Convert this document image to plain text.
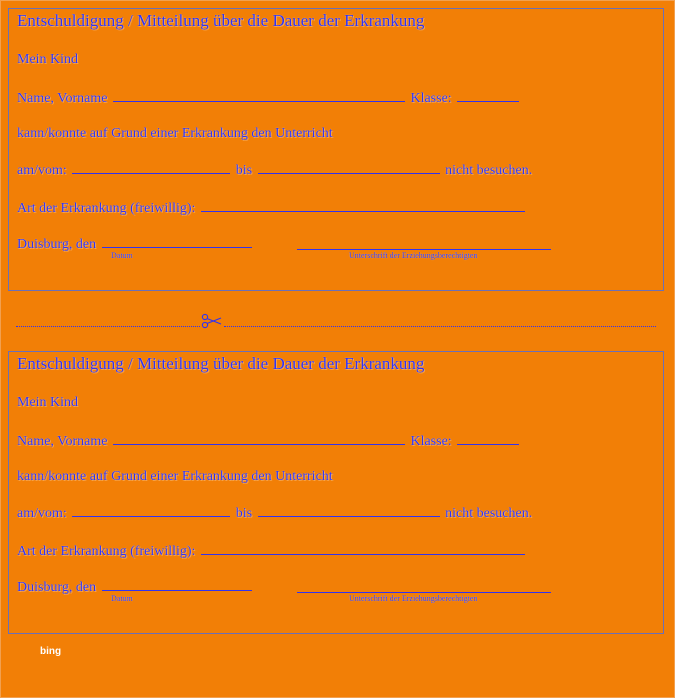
Entschuldigung / Mitteilung über die Dauer der Erkrankung
Mein Kind
Name, Vorname	Klasse:
kann/konnte auf Grund einer Erkrankung den Unterricht
am/vom:	bis	nicht besuchen.
Art der Erkrankung (freiwillig):
Duisburg, den
Datum	Unterschrift der Erziehungsberechtigten
Entschuldigung / Mitteilung über die Dauer der Erkrankung
Mein Kind
Name, Vorname	Klasse:
kann/konnte auf Grund einer Erkrankung den Unterricht
am/vom:	bis	nicht besuchen.
Art der Erkrankung (freiwillig):
Duisburg, den
Datum	Unterschrift der Erziehungsberechtigten
bing
